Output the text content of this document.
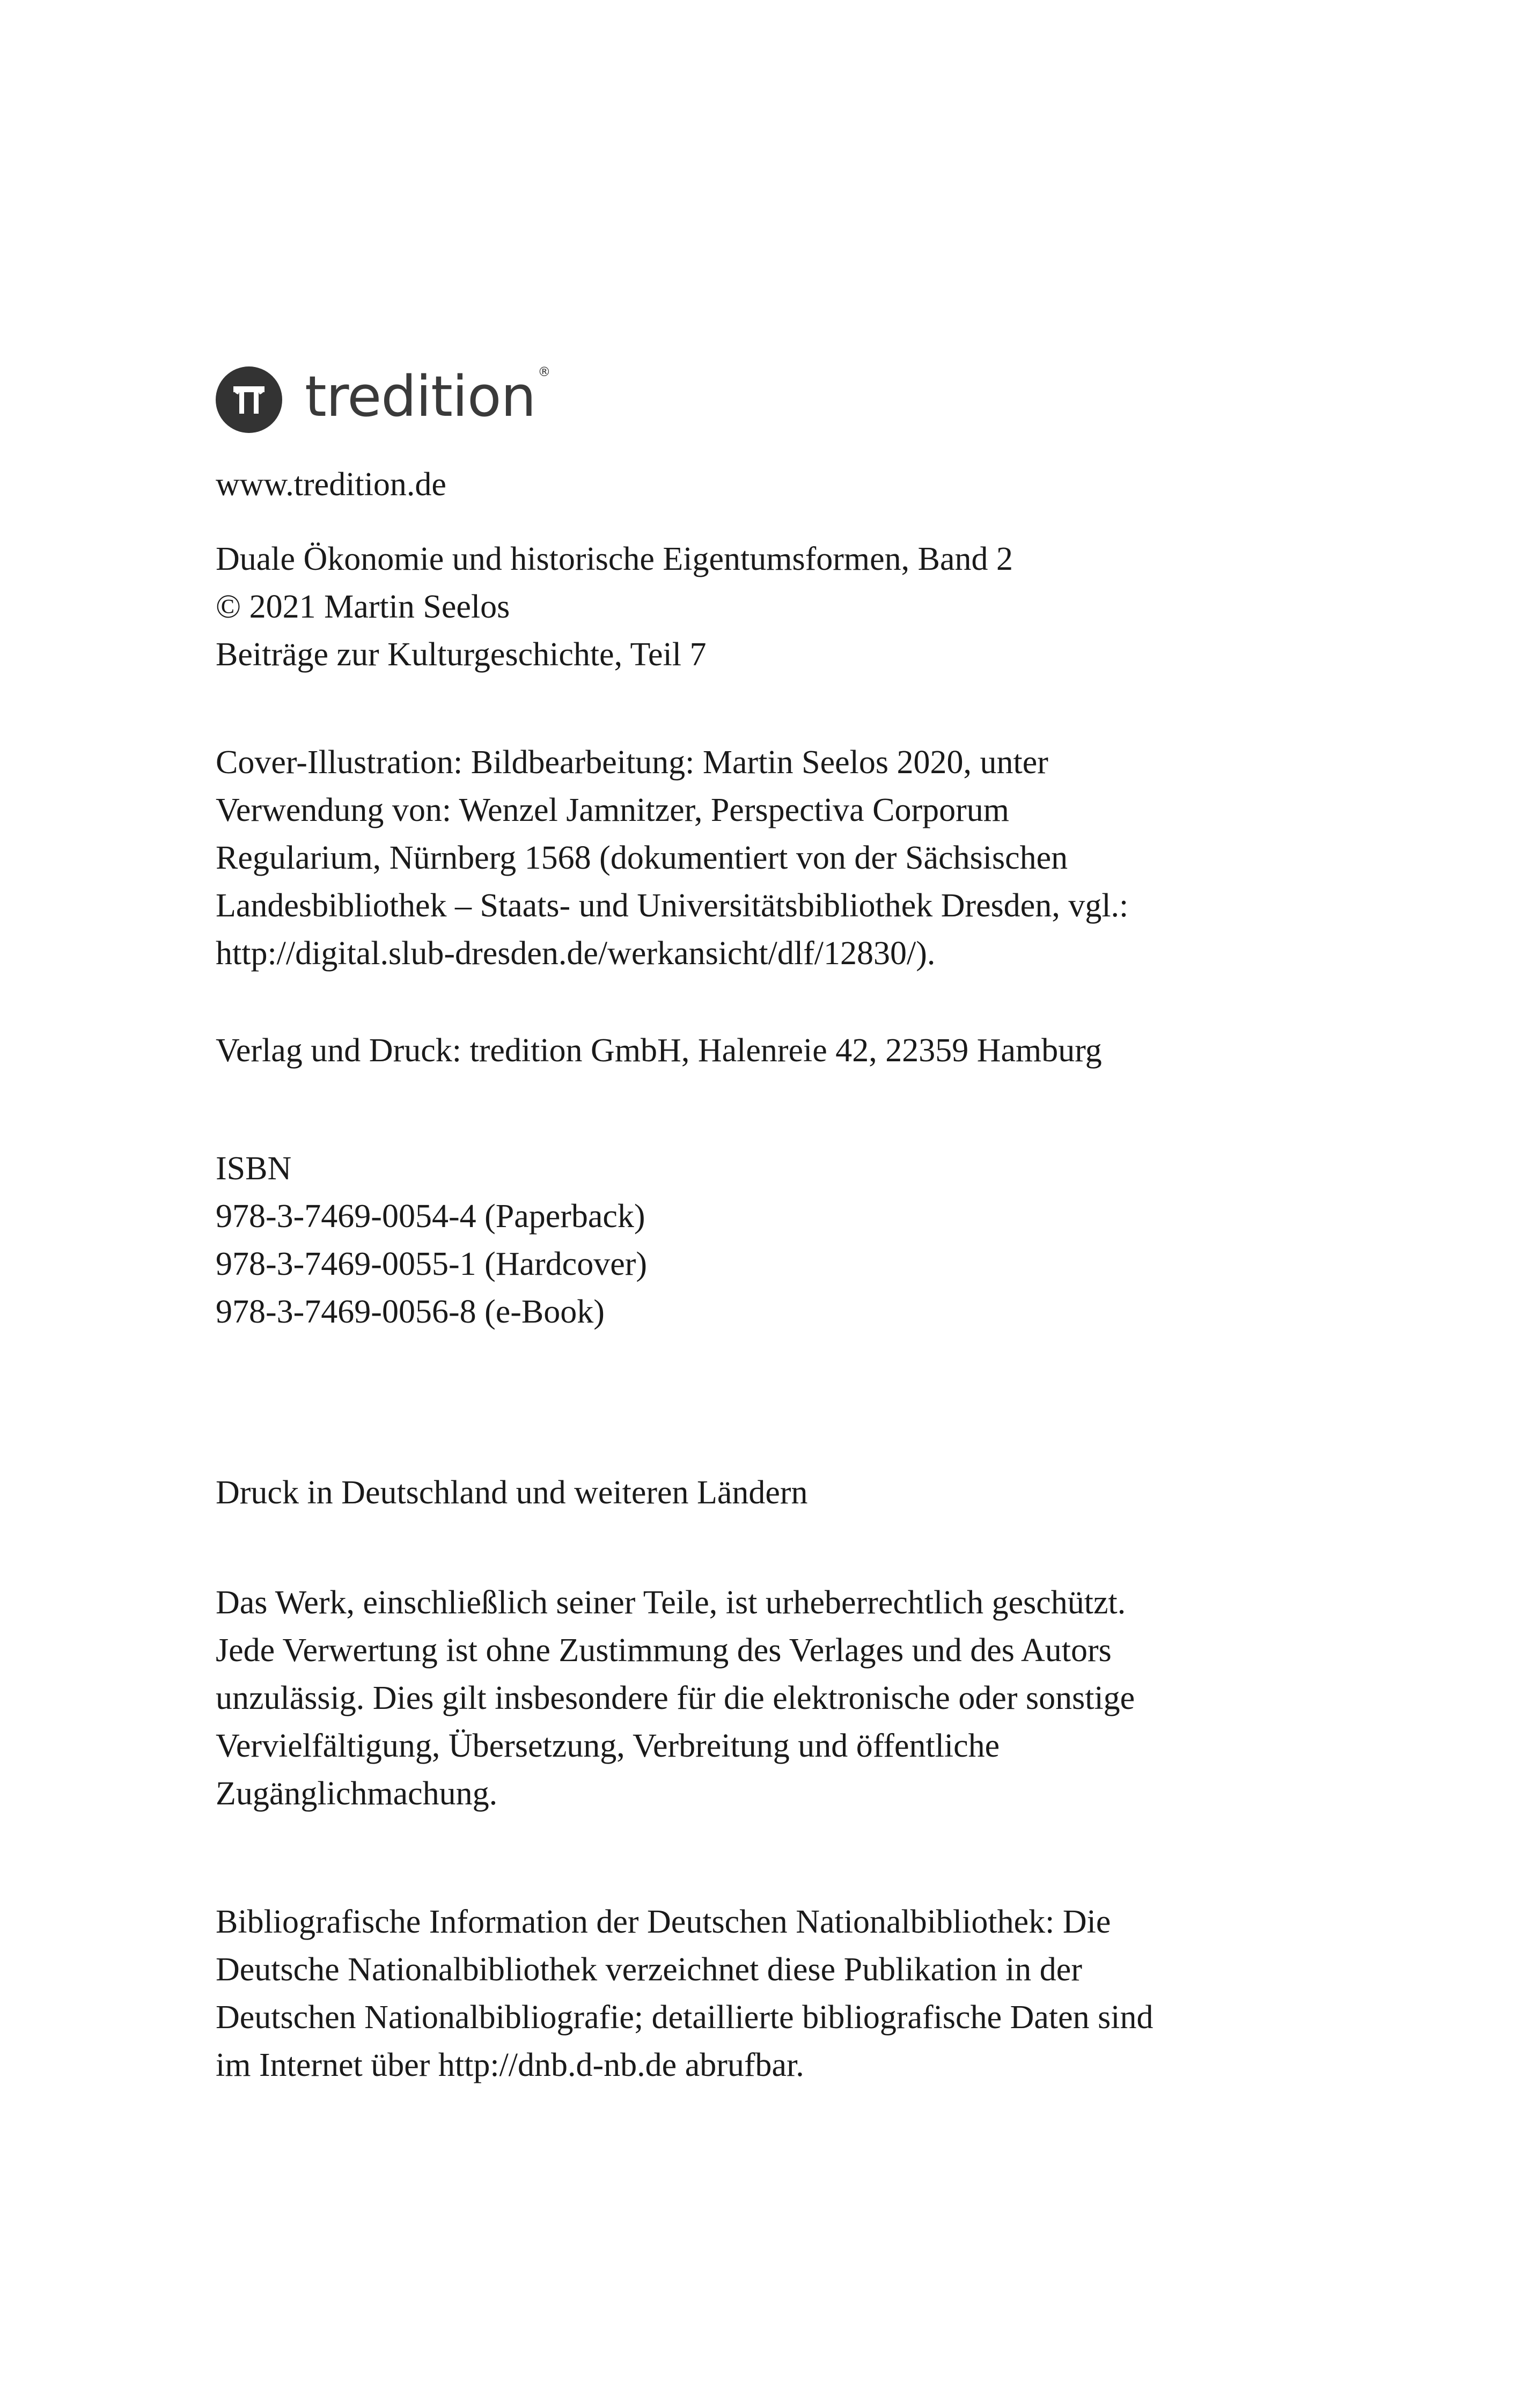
tredition ®

www.tredition.de

Duale Ökonomie und historische Eigentumsformen, Band 2

© 2021 Martin Seelos

Beiträge zur Kulturgeschichte, Teil 7

Cover-Illustration: Bildbearbeitung: Martin Seelos 2020, unter

Verwendung von: Wenzel Jamnitzer, Perspectiva Corporum

Regularium, Nürnberg 1568 (dokumentiert von der Sächsischen

Landesbibliothek – Staats- und Universitätsbibliothek Dresden, vgl.:

http://digital.slub-dresden.de/werkansicht/dlf/12830/).

Verlag und Druck: tredition GmbH, Halenreie 42, 22359 Hamburg

ISBN

978-3-7469-0054-4 (Paperback)

978-3-7469-0055-1 (Hardcover)

978-3-7469-0056-8 (e-Book)

Druck in Deutschland und weiteren Ländern

Das Werk, einschließlich seiner Teile, ist urheberrechtlich geschützt.

Jede Verwertung ist ohne Zustimmung des Verlages und des Autors

unzulässig. Dies gilt insbesondere für die elektronische oder sonstige

Vervielfältigung, Übersetzung, Verbreitung und öffentliche

Zugänglichmachung.

Bibliografische Information der Deutschen Nationalbibliothek: Die

Deutsche Nationalbibliothek verzeichnet diese Publikation in der

Deutschen Nationalbibliografie; detaillierte bibliografische Daten sind

im Internet über http://dnb.d-nb.de abrufbar.
